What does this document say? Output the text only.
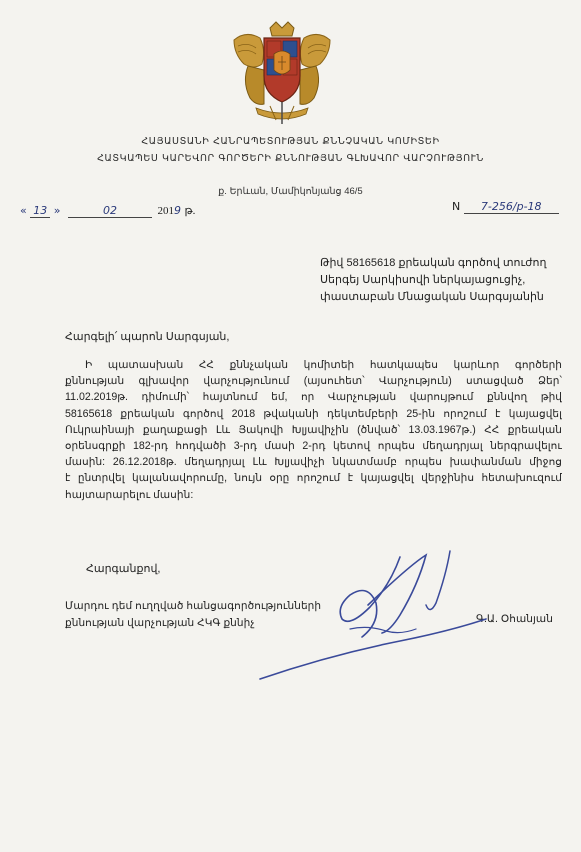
ՀԱՅԱՍՏԱՆԻ ՀԱՆՐԱՊԵՏՈՒԹՅԱՆ ՔՆՆՉԱԿԱՆ ԿՈՄԻՏԵԻ
ՀԱՏԿԱՊԵՍ ԿԱՐԵՎՈՐ ԳՈՐԾԵՐԻ ՔՆՆՈՒԹՅԱՆ ԳԼԽԱՎՈՐ ՎԱՐՉՈՒԹՅՈՒՆ
ք. Երևան, Մամիկոնյանց 46/5
« 13 »	02	2019 թ.	N 7-256/р-18
Թիվ 58165618 քրեական գործով տուժող
Սերգեյ Սարկիսովի ներկայացուցիչ,
փաստաբան Մնացական Սարգսյանին
Հարգելի՛ պարոն Սարգսյան,
Ի պատասխան ՀՀ քննչական կոմիտեի հատկապես կարևոր գործերի
քննության գլխավոր վարչությունում (այսուհետ՝ Վարչություն) ստացված Ձեր՝
11.02.2019թ. դիմումի՝ հայտնում եմ, որ Վարչության վարույթում քննվող թիվ
58165618 քրեական գործով 2018 թվականի դեկտեմբերի 25-ին որոշում է կայացվել
Ուկրաինայի քաղաքացի Լև Յակովի Խլյավիչին (ծնված՝ 13.03.1967թ.) ՀՀ քրեական
օրենսգրքի 182-րդ հոդվածի 3-րդ մասի 2-րդ կետով որպես մեղադրյալ ներգրավելու
մասին: 26.12.2018թ. մեղադրյալ Լև Խլյավիչի նկատմամբ որպես խափանման միջոց
է ընտրվել կալանավորումը, նույն օրը որոշում է կայացվել վերջինիս հետախուզում
հայտարարելու մասին:
Հարգանքով,
Մարդու դեմ ուղղված հանցագործությունների
քննության վարչության ՀԿԳ քննիչ	Գ.Ա. Օհանյան
